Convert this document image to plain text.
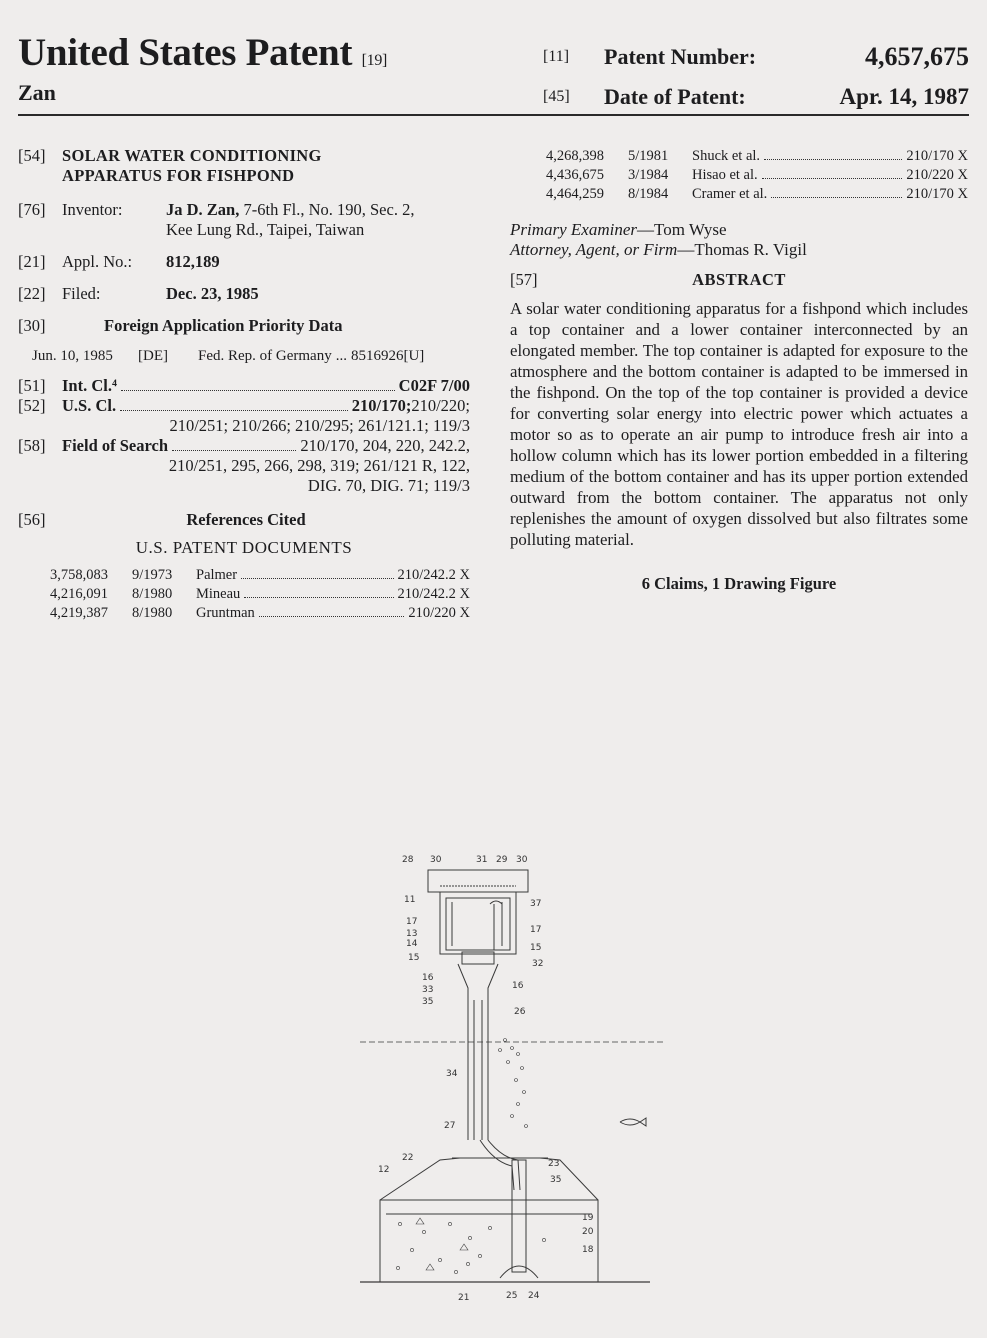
United States Patent [19]
Zan
[11] Patent Number:	4,657,675
[45] Date of Patent:	Apr. 14, 1987
[54]	SOLAR WATER CONDITIONING
APPARATUS FOR FISHPOND
[76]	Inventor:	Ja D. Zan, 7-6th Fl., No. 190, Sec. 2,
Kee Lung Rd., Taipei, Taiwan
[21]	Appl. No.:	812,189
[22]	Filed:	Dec. 23, 1985
[30]	Foreign Application Priority Data
Jun. 10, 1985	[DE]	Fed. Rep. of Germany ... 8516926[U]
[51]	Int. Cl.⁴	C02F 7/00
[52]	U.S. Cl.	210/170; 210/220;
210/251; 210/266; 210/295; 261/121.1; 119/3
[58]	Field of Search	210/170, 204, 220, 242.2,
210/251, 295, 266, 298, 319; 261/121 R, 122,
DIG. 70, DIG. 71; 119/3
[56]	References Cited
U.S. PATENT DOCUMENTS
3,758,083	9/1973	Palmer	210/242.2 X
4,216,091	8/1980	Mineau	210/242.2 X
4,219,387	8/1980	Gruntman	210/220 X
4,268,398	5/1981	Shuck et al.	210/170 X
4,436,675	3/1984	Hisao et al.	210/220 X
4,464,259	8/1984	Cramer et al.	210/170 X
Primary Examiner—Tom Wyse
Attorney, Agent, or Firm—Thomas R. Vigil
[57]	ABSTRACT
A solar water conditioning apparatus for a fishpond which includes a top container and a lower container interconnected by an elongated member. The top container is adapted for exposure to the atmosphere and the bottom container is adapted to be immersed in the fishpond. On the top of the top container is provided a device for converting solar energy into electric power which actuates a motor so as to operate an air pump to introduce fresh air into a hollow column which has its lower portion embedded in a filtering medium of the bottom container and has its upper portion extended outward from the bottom container. The apparatus not only replenishes the amount of oxygen dissolved but also filtrates some polluting material.
6 Claims, 1 Drawing Figure
28 30	31 29 30
11	37
17
13
14
15
17
15
32
16
33
35
16
26
34
27
22
12
23
35
19
20
18
21	25 24
